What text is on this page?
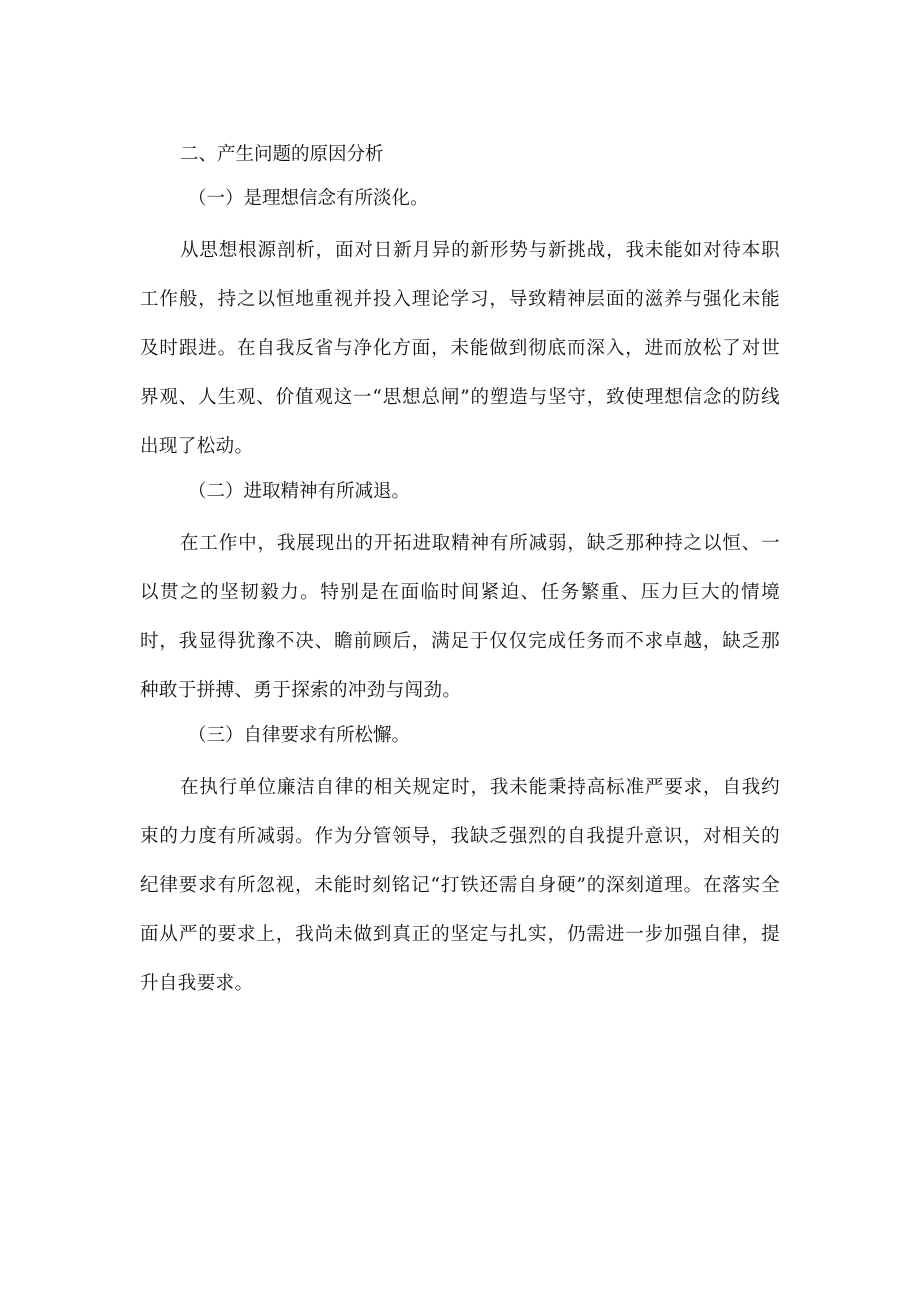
二、产生问题的原因分析
（一）是理想信念有所淡化。

从思想根源剖析，面对日新月异的新形势与新挑战，我未能如对待本职工作般，持之以恒地重视并投入理论学习，导致精神层面的滋养与强化未能及时跟进。在自我反省与净化方面，未能做到彻底而深入，进而放松了对世界观、人生观、价值观这一“思想总闸”的塑造与坚守，致使理想信念的防线出现了松动。

（二）进取精神有所减退。

在工作中，我展现出的开拓进取精神有所减弱，缺乏那种持之以恒、一以贯之的坚韧毅力。特别是在面临时间紧迫、任务繁重、压力巨大的情境时，我显得犹豫不决、瞻前顾后，满足于仅仅完成任务而不求卓越，缺乏那种敢于拼搏、勇于探索的冲劲与闯劲。

（三）自律要求有所松懈。

在执行单位廉洁自律的相关规定时，我未能秉持高标准严要求，自我约束的力度有所减弱。作为分管领导，我缺乏强烈的自我提升意识，对相关的纪律要求有所忽视，未能时刻铭记“打铁还需自身硬”的深刻道理。在落实全面从严的要求上，我尚未做到真正的坚定与扎实，仍需进一步加强自律，提升自我要求。
